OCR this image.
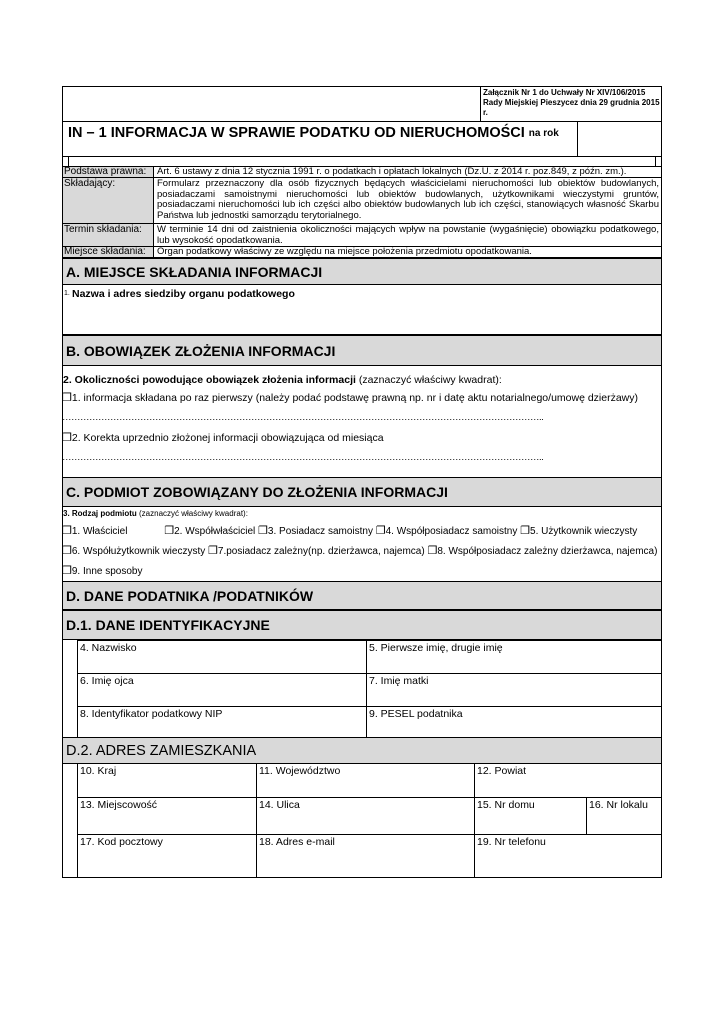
Załącznik Nr 1 do Uchwały Nr XIV/106/2015 Rady Miejskiej Pieszycez dnia 29 grudnia 2015 r.
IN – 1 INFORMACJA W SPRAWIE PODATKU OD NIERUCHOMOŚCI na rok
Podstawa prawna: Art. 6 ustawy z dnia 12 stycznia 1991 r. o podatkach i opłatach lokalnych (Dz.U. z 2014 r. poz.849, z późn. zm.).
Składający:	Formularz przeznaczony dla osób fizycznych będących właścicielami nieruchomości lub obiektów budowlanych, posiadaczami samoistnymi nieruchomości lub obiektów budowlanych, użytkownikami wieczystymi gruntów, posiadaczami nieruchomości lub ich części albo obiektów budowlanych lub ich części, stanowiących własność Skarbu Państwa lub jednostki samorządu terytorialnego.
Termin składania: W terminie 14 dni od zaistnienia okoliczności mających wpływ na powstanie (wygaśnięcie) obowiązku podatkowego, lub wysokość opodatkowania.
Miejsce składania: Organ podatkowy właściwy ze względu na miejsce położenia przedmiotu opodatkowania.
A. MIEJSCE SKŁADANIA INFORMACJI
1. Nazwa i adres siedziby organu podatkowego
B. OBOWIĄZEK ZŁOŻENIA INFORMACJI
2. Okoliczności powodujące obowiązek złożenia informacji (zaznaczyć właściwy kwadrat):
❐1. informacja składana po raz pierwszy (należy podać podstawę prawną np. nr i datę aktu notarialnego/umowę dzierżawy)
……………………………………………………………………………………………………………………………………………..
❐2. Korekta uprzednio złożonej informacji obowiązująca od miesiąca
……………………………………………………………………………………………………………………………………………..
C. PODMIOT ZOBOWIĄZANY DO ZŁOŻENIA INFORMACJI
3. Rodzaj podmiotu (zaznaczyć właściwy kwadrat):
❐1. Właściciel	❐2. Współwłaściciel ❐3. Posiadacz samoistny ❐4. Współposiadacz samoistny ❐5. Użytkownik wieczysty
❐6. Współużytkownik wieczysty ❐7.posiadacz zależny(np. dzierżawca, najemca) ❐8. Współposiadacz zależny dzierżawca, najemca)
❐9. Inne sposoby
D. DANE PODATNIKA /PODATNIKÓW
D.1. DANE IDENTYFIKACYJNE
4. Nazwisko	5. Pierwsze imię, drugie imię
6. Imię ojca	7. Imię matki
8. Identyfikator podatkowy NIP	9. PESEL podatnika
D.2. ADRES ZAMIESZKANIA
10. Kraj	11. Województwo	12. Powiat
13. Miejscowość	14. Ulica	15. Nr domu	16. Nr lokalu
17. Kod pocztowy	18. Adres e-mail	19. Nr telefonu
